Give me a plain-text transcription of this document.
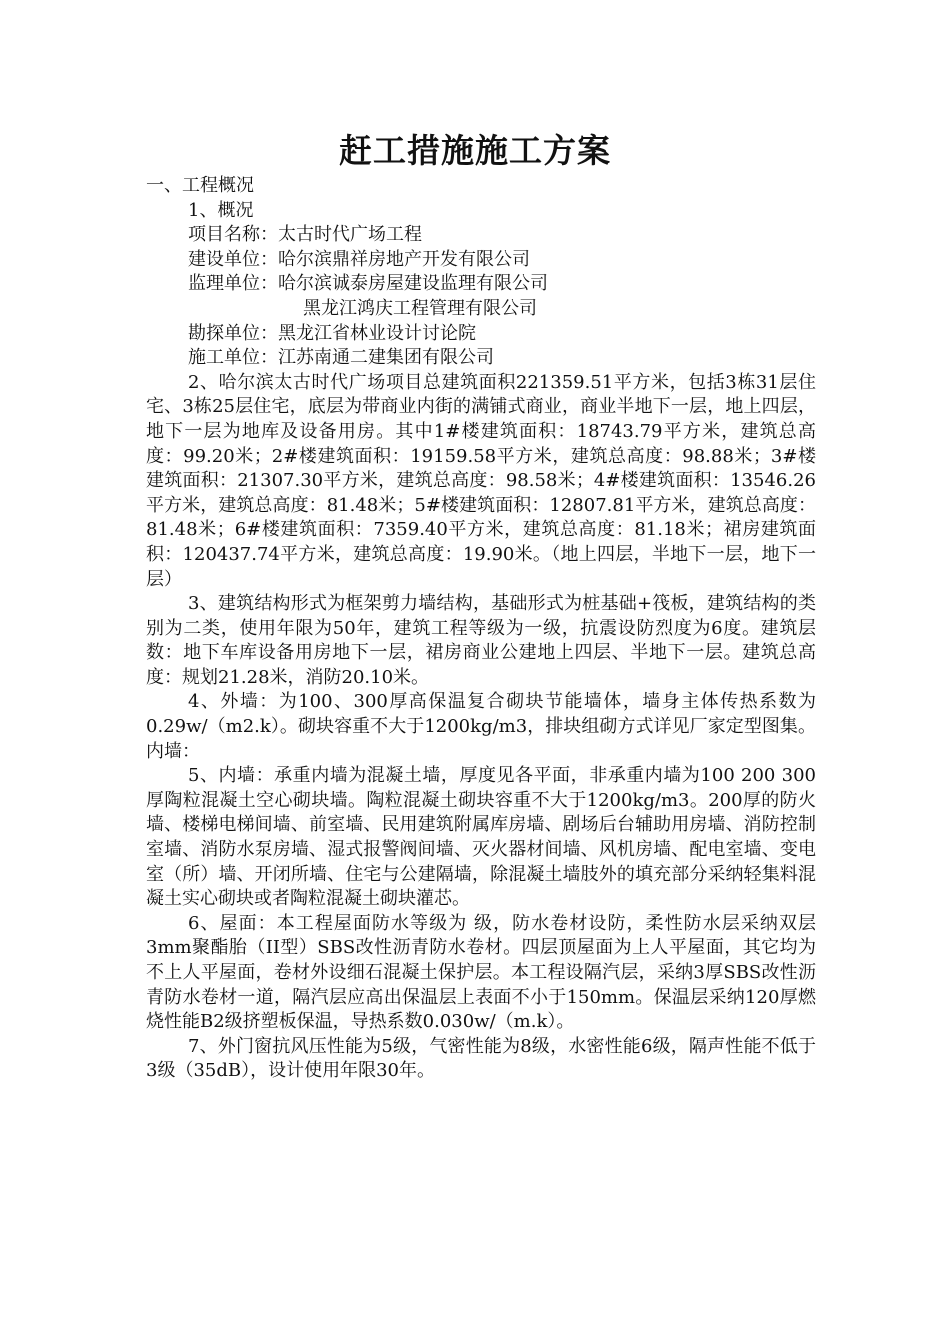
赶工措施施工方案
一、工程概况
1、概况
项目名称：太古时代广场工程
建设单位：哈尔滨鼎祥房地产开发有限公司
监理单位：哈尔滨诚泰房屋建设监理有限公司
黑龙江鸿庆工程管理有限公司
勘探单位：黑龙江省林业设计讨论院
施工单位：江苏南通二建集团有限公司

2、哈尔滨太古时代广场项目总建筑面积221359.51平方米，包括3栋31层住宅、3栋25层住宅，底层为带商业内街的满铺式商业，商业半地下一层，地上四层，地下一层为地库及设备用房。其中1#楼建筑面积：18743.79平方米，建筑总高度：99.20米；2#楼建筑面积：19159.58平方米，建筑总高度：98.88米；3#楼建筑面积：21307.30平方米，建筑总高度：98.58米；4#楼建筑面积：13546.26平方米，建筑总高度：81.48米；5#楼建筑面积：12807.81平方米，建筑总高度：81.48米；6#楼建筑面积：7359.40平方米，建筑总高度：81.18米；裙房建筑面积：120437.74平方米，建筑总高度：19.90米。（地上四层，半地下一层，地下一层）

3、建筑结构形式为框架剪力墙结构，基础形式为桩基础+筏板，建筑结构的类别为二类，使用年限为50年，建筑工程等级为一级，抗震设防烈度为6度。建筑层数：地下车库设备用房地下一层，裙房商业公建地上四层、半地下一层。建筑总高度：规划21.28米，消防20.10米。

4、外墙：为100、300厚高保温复合砌块节能墙体，墙身主体传热系数为0.29w/（m2.k）。砌块容重不大于1200kg/m3，排块组砌方式详见厂家定型图集。内墙：

5、内墙：承重内墙为混凝土墙，厚度见各平面，非承重内墙为100 200 300厚陶粒混凝土空心砌块墙。陶粒混凝土砌块容重不大于1200kg/m3。200厚的防火墙、楼梯电梯间墙、前室墙、民用建筑附属库房墙、剧场后台辅助用房墙、消防控制室墙、消防水泵房墙、湿式报警阀间墙、灭火器材间墙、风机房墙、配电室墙、变电室（所）墙、开闭所墙、住宅与公建隔墙，除混凝土墙肢外的填充部分采纳轻集料混凝土实心砌块或者陶粒混凝土砌块灌芯。

6、屋面：本工程屋面防水等级为 级，防水卷材设防，柔性防水层采纳双层3mm聚酯胎（II型）SBS改性沥青防水卷材。四层顶屋面为上人平屋面，其它均为不上人平屋面，卷材外设细石混凝土保护层。本工程设隔汽层，采纳3厚SBS改性沥青防水卷材一道，隔汽层应高出保温层上表面不小于150mm。保温层采纳120厚燃烧性能B2级挤塑板保温，导热系数0.030w/（m.k）。

7、外门窗抗风压性能为5级，气密性能为8级，水密性能6级，隔声性能不低于3级（35dB），设计使用年限30年。
